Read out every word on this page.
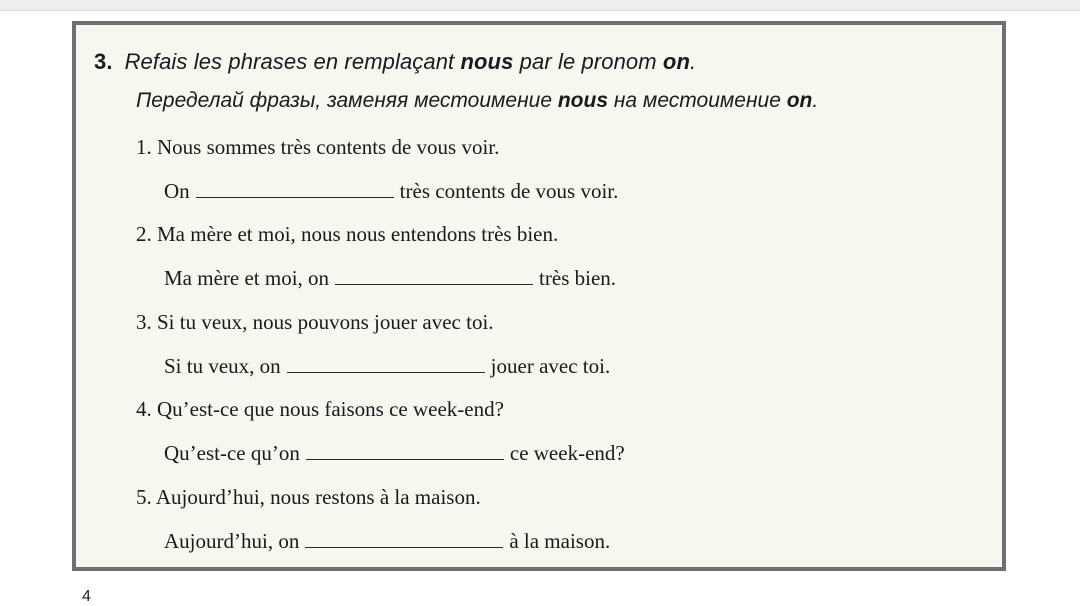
3. Refais les phrases en remplaçant nous par le pronom on.
Переделай фразы, заменяя местоимение nous на местоимение on.
1. Nous sommes très contents de vous voir.
On	très contents de vous voir.
2. Ma mère et moi, nous nous entendons très bien.
Ma mère et moi, on	très bien.
3. Si tu veux, nous pouvons jouer avec toi.
Si tu veux, on	jouer avec toi.
4. Qu’est-ce que nous faisons ce week-end?
Qu’est-ce qu’on	ce week-end?
5. Aujourd’hui, nous restons à la maison.
Aujourd’hui, on	à la maison.
4
